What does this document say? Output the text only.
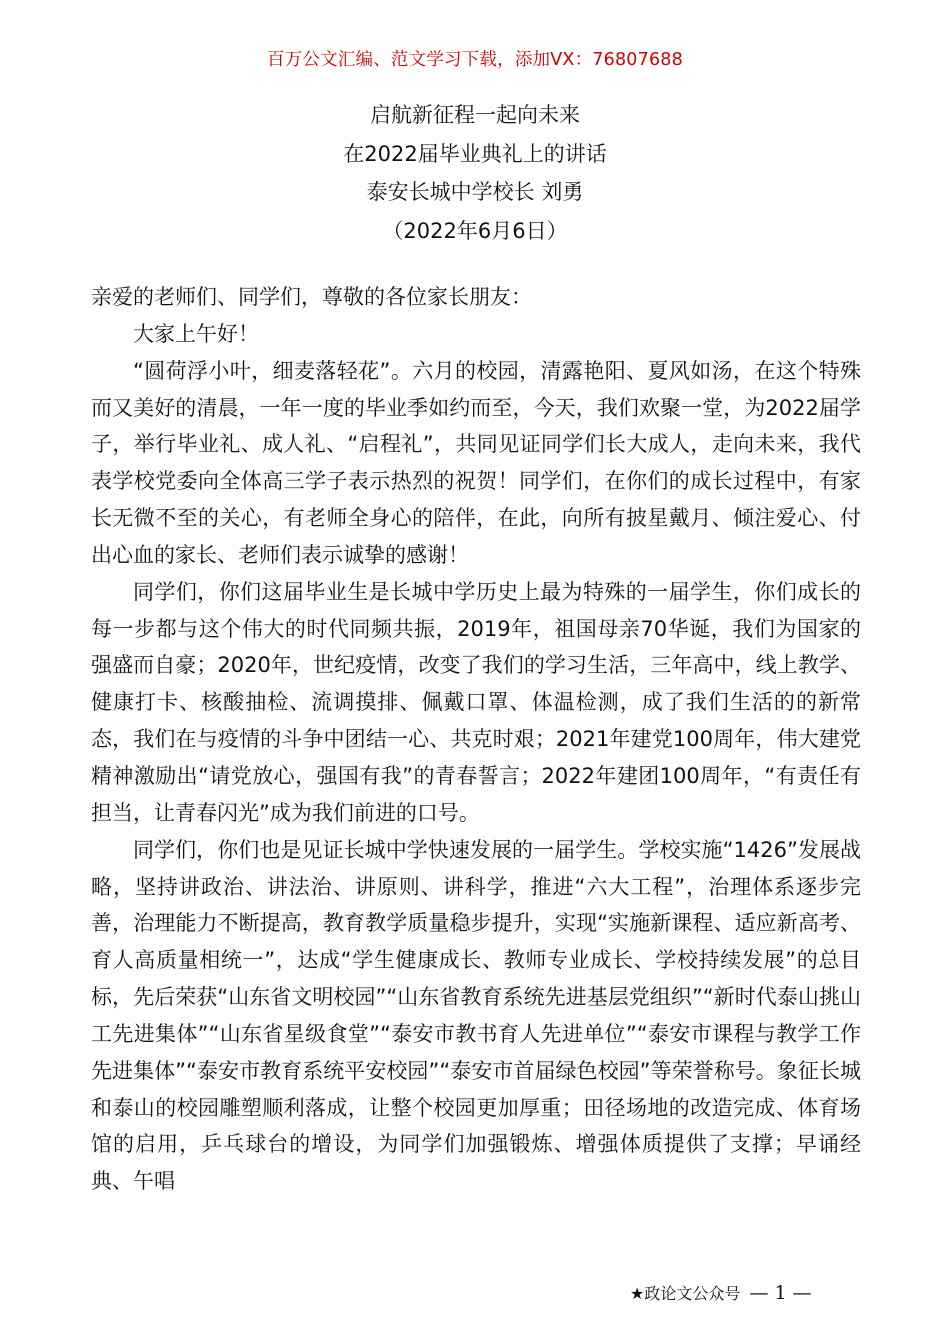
百万公文汇编、范文学习下载，添加VX：76807688
启航新征程一起向未来
在2022届毕业典礼上的讲话
泰安长城中学校长 刘勇
（2022年6月6日）

亲爱的老师们、同学们，尊敬的各位家长朋友：

大家上午好！

“圆荷浮小叶，细麦落轻花”。六月的校园，清露艳阳、夏风如汤，在这个特殊而又美好的清晨，一年一度的毕业季如约而至，今天，我们欢聚一堂，为2022届学子，举行毕业礼、成人礼、“启程礼”，共同见证同学们长大成人，走向未来，我代表学校党委向全体高三学子表示热烈的祝贺！同学们，在你们的成长过程中，有家长无微不至的关心，有老师全身心的陪伴，在此，向所有披星戴月、倾注爱心、付出心血的家长、老师们表示诚挚的感谢！

同学们，你们这届毕业生是长城中学历史上最为特殊的一届学生，你们成长的每一步都与这个伟大的时代同频共振，2019年，祖国母亲70华诞，我们为国家的强盛而自豪；2020年，世纪疫情，改变了我们的学习生活，三年高中，线上教学、健康打卡、核酸抽检、流调摸排、佩戴口罩、体温检测，成了我们生活的的新常态，我们在与疫情的斗争中团结一心、共克时艰；2021年建党100周年，伟大建党精神激励出“请党放心，强国有我”的青春誓言；2022年建团100周年，“有责任有担当，让青春闪光”成为我们前进的口号。

同学们，你们也是见证长城中学快速发展的一届学生。学校实施“1426”发展战略，坚持讲政治、讲法治、讲原则、讲科学，推进“六大工程”，治理体系逐步完善，治理能力不断提高，教育教学质量稳步提升，实现“实施新课程、适应新高考、育人高质量相统一”，达成“学生健康成长、教师专业成长、学校持续发展”的总目标，先后荣获“山东省文明校园”“山东省教育系统先进基层党组织”“新时代泰山挑山工先进集体”“山东省星级食堂”“泰安市教书育人先进单位”“泰安市课程与教学工作先进集体”“泰安市教育系统平安校园”“泰安市首届绿色校园”等荣誉称号。象征长城和泰山的校园雕塑顺利落成，让整个校园更加厚重；田径场地的改造完成、体育场馆的启用，乒乓球台的增设，为同学们加强锻炼、增强体质提供了支撑；早诵经典、午唱

★政论文公众号 — 1 —
